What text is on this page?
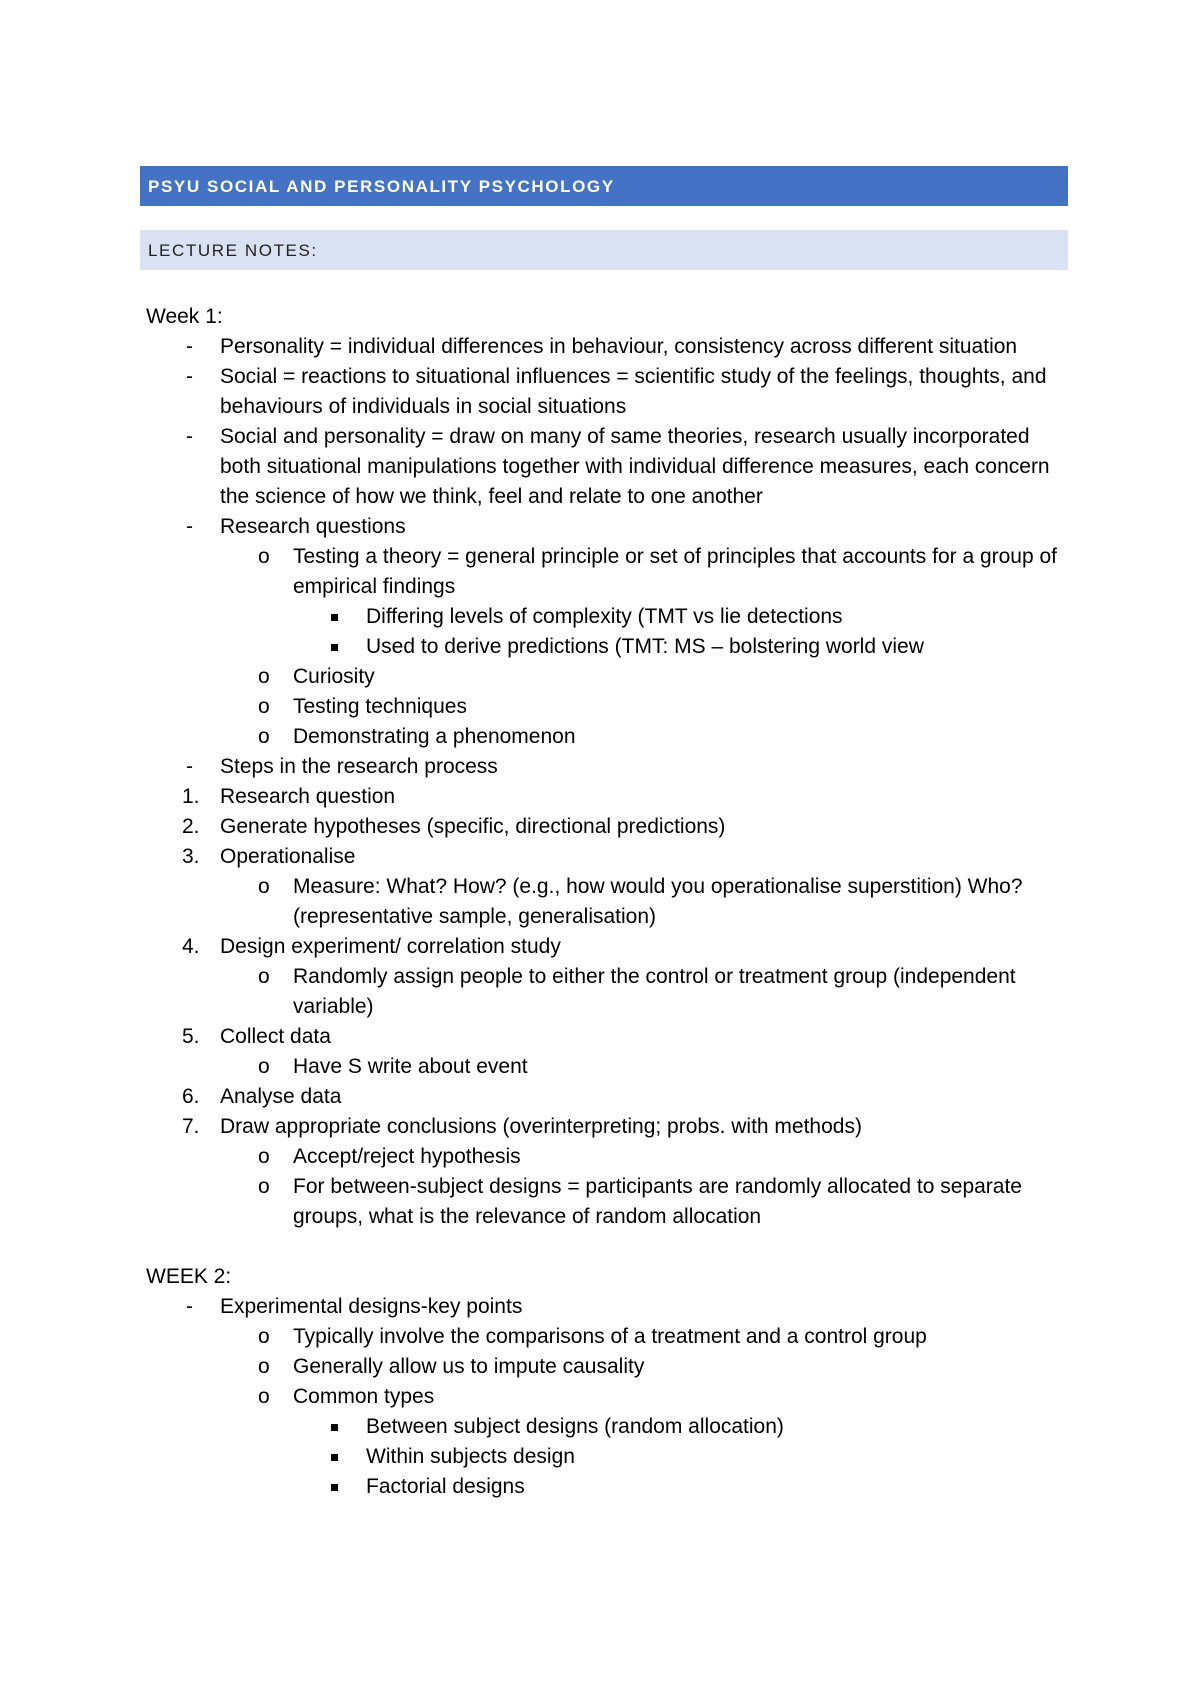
PSYU SOCIAL AND PERSONALITY PSYCHOLOGY
LECTURE NOTES:
Week 1:
- Personality = individual differences in behaviour, consistency across different situation
- Social = reactions to situational influences = scientific study of the feelings, thoughts, and behaviours of individuals in social situations
- Social and personality = draw on many of same theories, research usually incorporated both situational manipulations together with individual difference measures, each concern the science of how we think, feel and relate to one another
- Research questions
o Testing a theory = general principle or set of principles that accounts for a group of empirical findings
Differing levels of complexity (TMT vs lie detections
Used to derive predictions (TMT: MS – bolstering world view
o Curiosity
o Testing techniques
o Demonstrating a phenomenon
- Steps in the research process
1. Research question
2. Generate hypotheses (specific, directional predictions)
3. Operationalise
o Measure: What? How? (e.g., how would you operationalise superstition) Who? (representative sample, generalisation)
4. Design experiment/ correlation study
o Randomly assign people to either the control or treatment group (independent variable)
5. Collect data
o Have S write about event
6. Analyse data
7. Draw appropriate conclusions (overinterpreting; probs. with methods)
o Accept/reject hypothesis
o For between-subject designs = participants are randomly allocated to separate groups, what is the relevance of random allocation
WEEK 2:
- Experimental designs-key points
o Typically involve the comparisons of a treatment and a control group
o Generally allow us to impute causality
o Common types
Between subject designs (random allocation)
Within subjects design
Factorial designs
